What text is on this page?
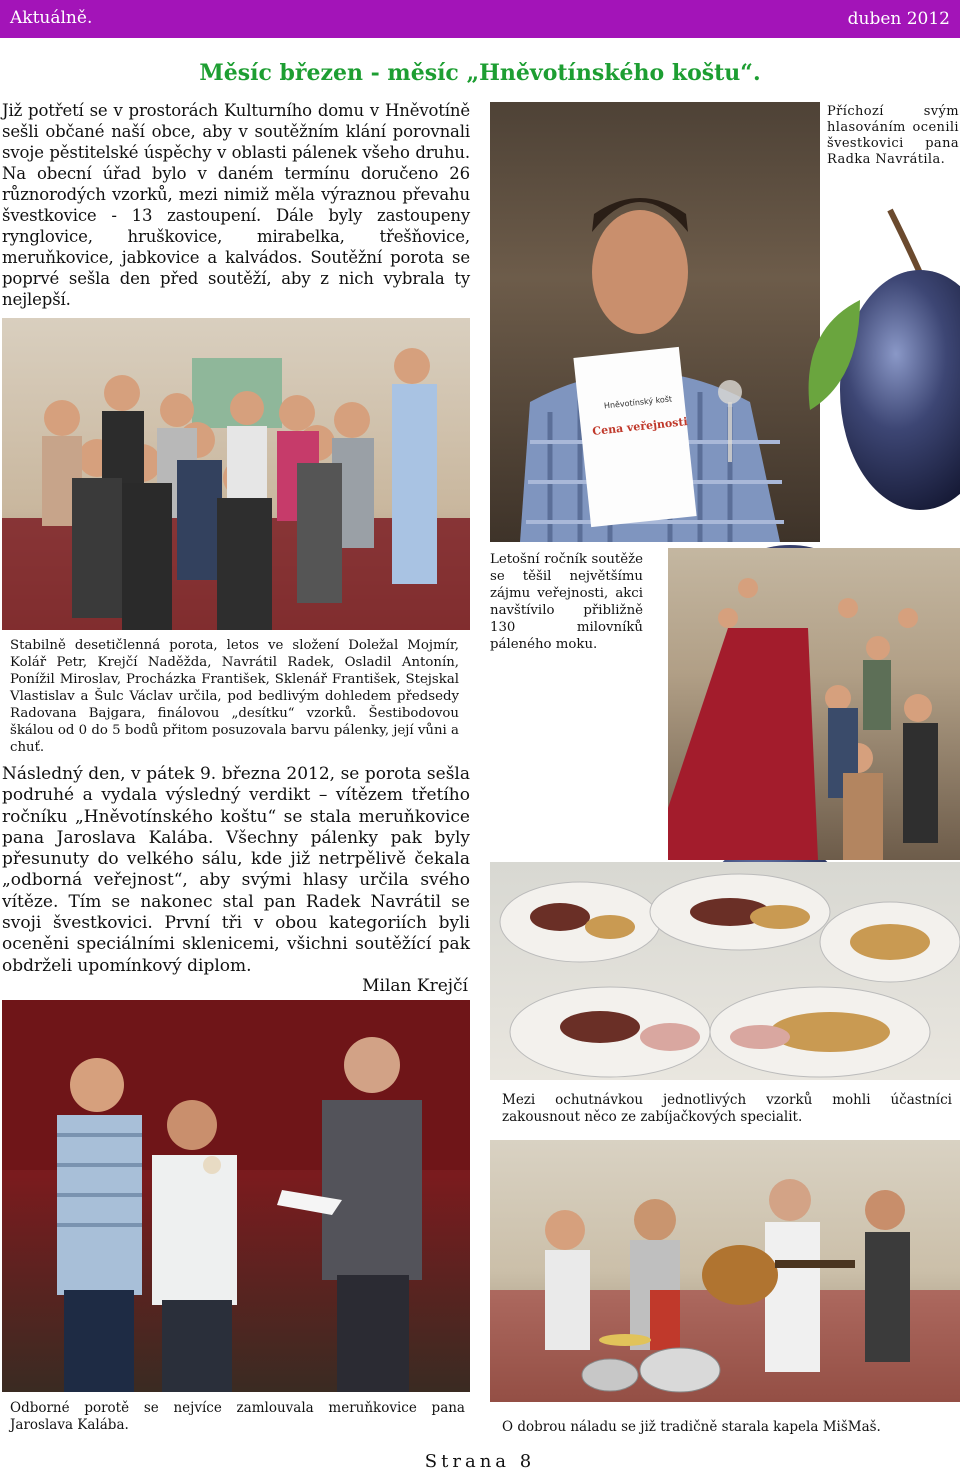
Aktuálně.	duben 2012
Měsíc březen - měsíc „Hněvotínského koštu“.
Již potřetí se v prostorách Kulturního domu v Hněvotíně sešli občané naší obce, aby v soutěžním klání porovnali svoje pěstitelské úspěchy v oblasti pálenek všeho druhu. Na obecní úřad bylo v daném termínu doručeno 26 různorodých vzorků, mezi nimiž měla výraznou převahu švestkovice - 13 zastoupení. Dále byly zastoupeny rynglovice, hruškovice, mirabelka, třešňovice, meruňkovice, jabkovice a kalvádos. Soutěžní porota se poprvé sešla den před soutěží, aby z nich vybrala ty nejlepší.
Hněvotínský košt
Cena veřejnosti
Příchozí svým hlasováním ocenili švestkovici pana Radka Navrátila.
Stabilně desetičlenná porota, letos ve složení Doležal Mojmír, Kolář Petr, Krejčí Naděžda, Navrátil Radek, Osladil Antonín, Ponížil Miroslav, Procházka František, Sklenář František, Stejskal Vlastislav a Šulc Václav určila, pod bedlivým dohledem předsedy Radovana Bajgara, finálovou „desítku“ vzorků. Šestibodovou škálou od 0 do 5 bodů přitom posuzovala barvu pálenky, její vůni a chuť.
Letošní ročník soutěže se těšil největšímu zájmu veřejnosti, akci navštívilo přibližně 130 milovníků páleného moku.
Následný den, v pátek 9. března 2012, se porota sešla podruhé a vydala výsledný verdikt – vítězem třetího ročníku „Hněvotínského koštu“ se stala meruňkovice pana Jaroslava Kalába. Všechny pálenky pak byly přesunuty do velkého sálu, kde již netrpělivě čekala „odborná veřejnost“, aby svými hlasy určila svého vítěze. Tím se nakonec stal pan Radek Navrátil se svoji švestkovici. První tři v obou kategoriích byli oceněni speciálními sklenicemi, všichni soutěžící pak obdrželi upomínkový diplom.
Milan Krejčí
Mezi ochutnávkou jednotlivých vzorků mohli účastníci zakousnout něco ze zabíjačkových specialit.
Odborné porotě se nejvíce zamlouvala meruňkovice pana Jaroslava Kalába.	O dobrou náladu se již tradičně starala kapela MišMaš.
Strana 8
